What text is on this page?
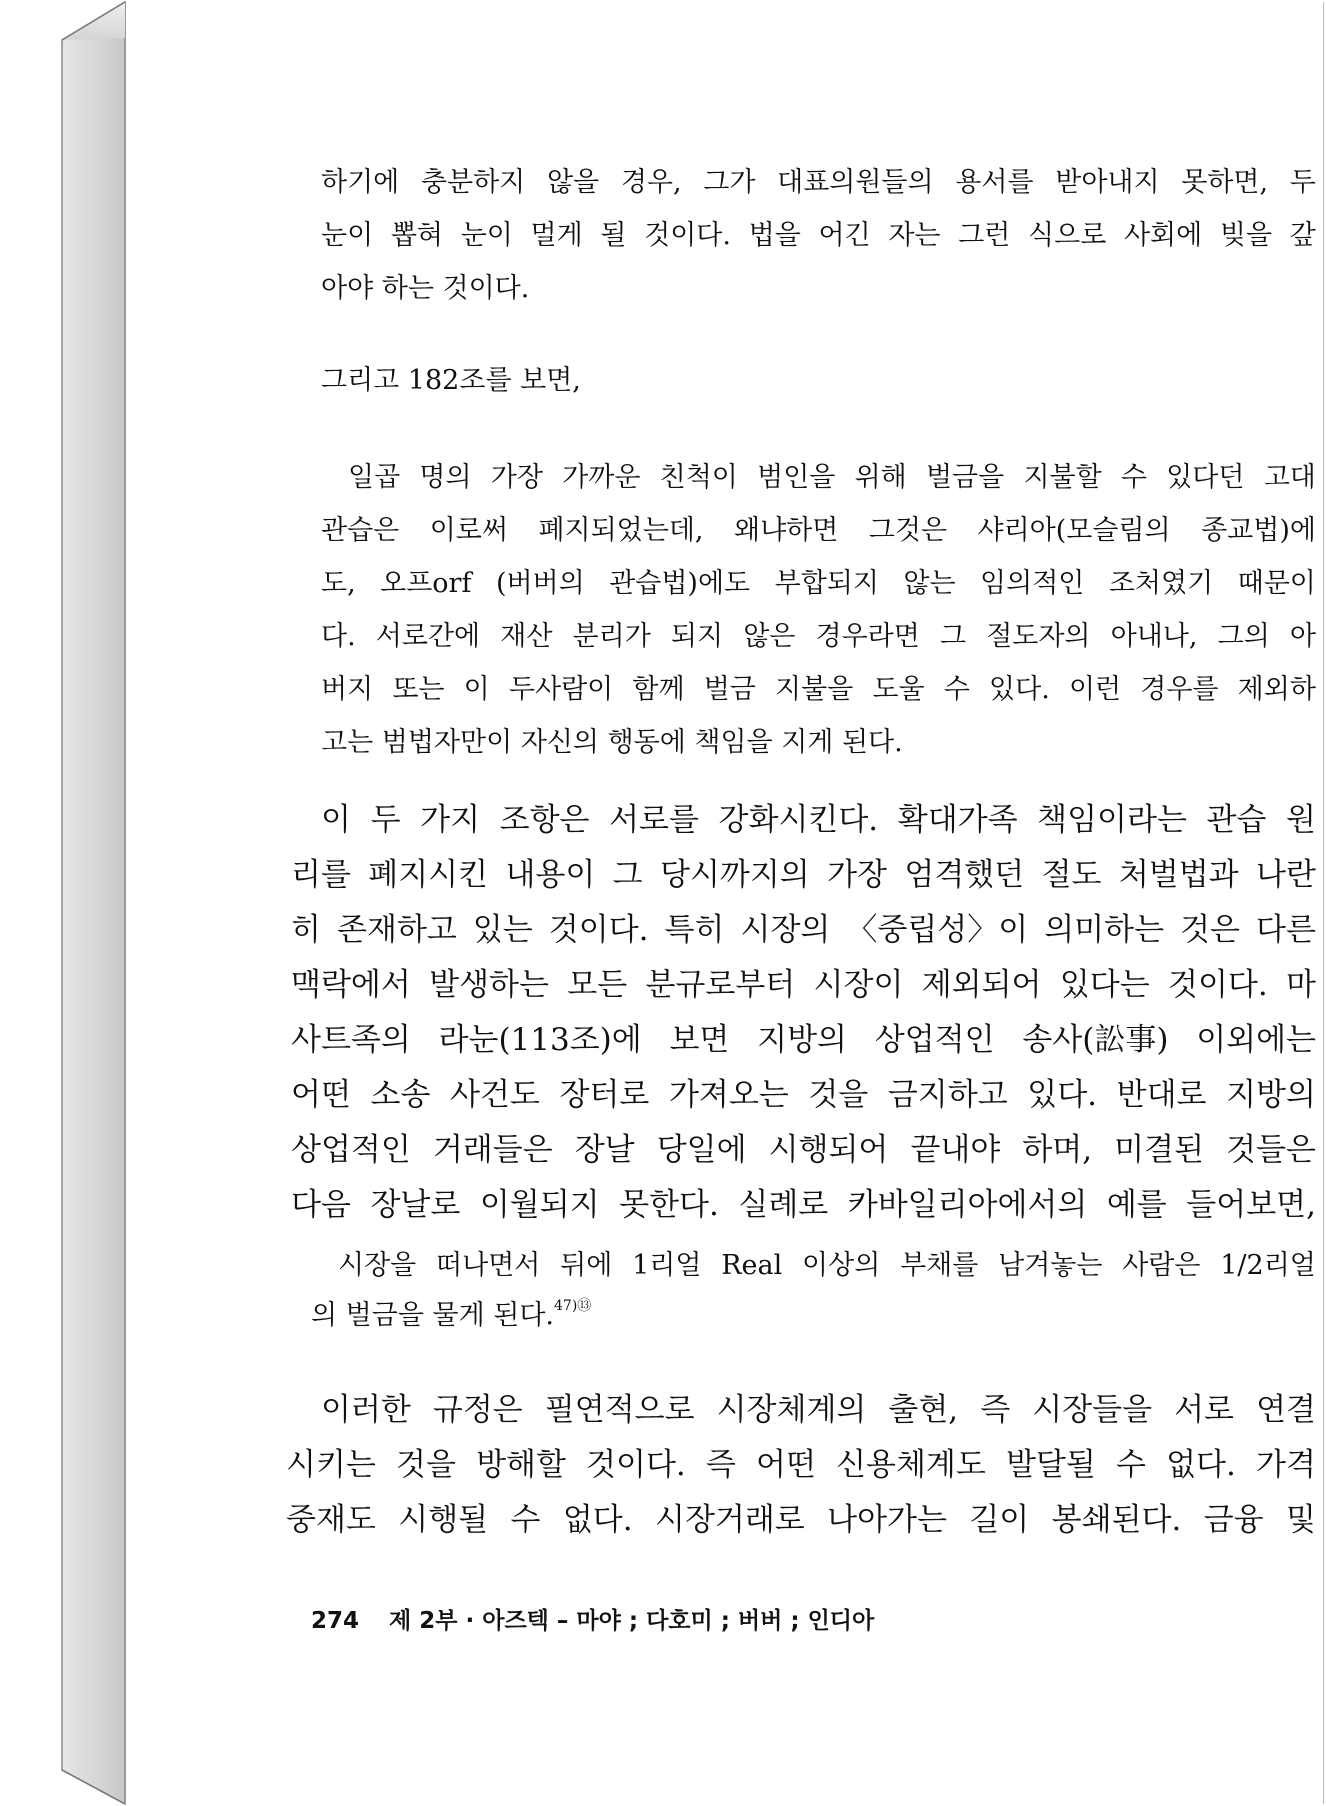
하기에 충분하지 않을 경우, 그가 대표의원들의 용서를 받아내지 못하면, 두
눈이 뽑혀 눈이 멀게 될 것이다. 법을 어긴 자는 그런 식으로 사회에 빚을 갚
아야 하는 것이다.
그리고 182조를 보면,
일곱 명의 가장 가까운 친척이 범인을 위해 벌금을 지불할 수 있다던 고대
관습은 이로써 폐지되었는데, 왜냐하면 그것은 샤리아(모슬림의 종교법)에
도, 오프orf (버버의 관습법)에도 부합되지 않는 임의적인 조처였기 때문이
다. 서로간에 재산 분리가 되지 않은 경우라면 그 절도자의 아내나, 그의 아
버지 또는 이 두사람이 함께 벌금 지불을 도울 수 있다. 이런 경우를 제외하
고는 범법자만이 자신의 행동에 책임을 지게 된다.
이 두 가지 조항은 서로를 강화시킨다. 확대가족 책임이라는 관습 원
리를 폐지시킨 내용이 그 당시까지의 가장 엄격했던 절도 처벌법과 나란
히 존재하고 있는 것이다. 특히 시장의 〈중립성〉이 의미하는 것은 다른
맥락에서 발생하는 모든 분규로부터 시장이 제외되어 있다는 것이다. 마
사트족의 라눈(113조)에 보면 지방의 상업적인 송사(訟事) 이외에는
어떤 소송 사건도 장터로 가져오는 것을 금지하고 있다. 반대로 지방의
상업적인 거래들은 장날 당일에 시행되어 끝내야 하며, 미결된 것들은
다음 장날로 이월되지 못한다. 실례로 카바일리아에서의 예를 들어보면,
시장을 떠나면서 뒤에 1리얼 Real 이상의 부채를 남겨놓는 사람은 1/2리얼
의 벌금을 물게 된다.$^{47)⑬}$
이러한 규정은 필연적으로 시장체계의 출현, 즉 시장들을 서로 연결
시키는 것을 방해할 것이다. 즉 어떤 신용체계도 발달될 수 없다. 가격
중재도 시행될 수 없다. 시장거래로 나아가는 길이 봉쇄된다. 금융 및
274 제 2부 · 아즈텍 – 마야 ; 다호미 ; 버버 ; 인디아
